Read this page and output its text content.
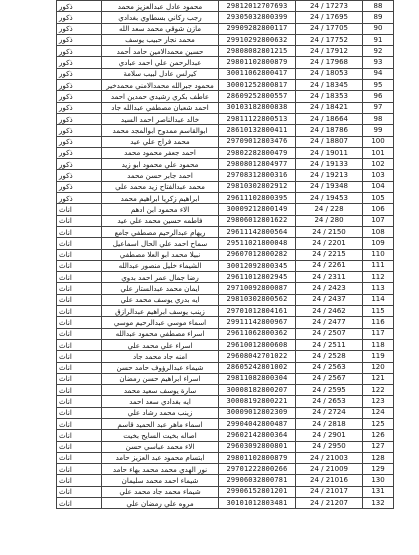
ذكور	محمود عادل عبدالعزيز محمد	29812012707693	24 / 17273	88
ذكور	رجب ركاني بسطاوي بغدادي	29305032800399	24 / 17695	89
ذكور	مازن شوقي محمد سعد الله	29909282800117	24 / 17705	90
ذكور	محمد نجار حبيب يوسف	29910292800632	24 / 17752	91
ذكور	حسين محمدالامين حامد أحمد	29808082801215	24 / 17912	92
ذكور	عبدالرحمن علي احمد عبادي	29801102800879	24 / 17968	93
ذكور	كيرلس عادل لبيب سلامة	30011062800417	24 / 18053	94
ذكور	محمود جبرالله محمدالامني محمدخير	30001252800817	24 / 18345	95
ذكور	عاطف بكري رشيدي حمدين احمد	28609252800557	24 / 18353	96
ذكور	احمد شعبان مصطفي عبدالله جاد	30103182800838	24 / 18421	97
ذكور	خالد عبدالناصر احمد السيد	29811122800513	24 / 18664	98
ذكور	ابوالقاسم ممدوح ابوالمجد محمد	28610132800411	24 / 18786	99
ذكور	محمد فراج علي عيد	29709012803476	24 / 18807	100
ذكور	احمد جعفر محمود محمد	29802282800479	24 / 19011	101
ذكور	محمود علي محمود ابو زيد	29808012804977	24 / 19133	102
ذكور	احمد جابر حسن محمد	29708312800316	24 / 19213	103
ذكور	محمد عبدالفتاح زيد محمد علي	29810302802912	24 / 19348	104
ذكور	ابراهيم زكريا ابراهيم محمد	29611102800395	24 / 19453	105
اناث	الاء محمود ابن ادهم	30009212800149	24 / 228	106
اناث	فاطمه حسين محمد علي عيد	29806012801622	24 / 280	107
اناث	ريهام عبدالرحيم مصطفي جامع	29611142800564	24 / 2150	108
اناث	سماح احمد علي الحال اسماعيل	29511021800048	24 / 2201	109
اناث	نبيلا محمد ابو العلا مصطفي	29607012800282	24 / 2215	110
اناث	الشيماء خليل منصور عبدالله	30012092800345	24 / 2261	111
اناث	رضا جمال عمر احمد بدوي	29611012802945	24 / 2311	112
اناث	ايمان محمد عبدالستار علي	29710092800087	24 / 2423	113
اناث	ايه بدري يوسف محمد علي	29810302800562	24 / 2437	114
اناث	زينب يوسف ابراهيم عبدالرازق	29701012804161	24 / 2462	115
اناث	اسماء موسي عبدالرحيم موسي	29911142800967	24 / 2477	116
اناث	اسراء مصطفي محمود عبدالله	29611062800362	24 / 2507	117
اناث	اسراء علي محمد علي	29610012800608	24 / 2511	118
اناث	امنه جاد محمد جاد	29608042701022	24 / 2528	119
اناث	شيماء عبدالرؤوف حامد حسن	28605242801002	24 / 2563	120
اناث	اسراء ابراهيم حسن رمضان	29811082800304	24 / 2567	121
اناث	سارة يوسف سعيد محمد	30008182800207	24 / 2595	122
اناث	ايه بغدادي سعد احمد	30008192800221	24 / 2653	123
اناث	زينب محمد رشاد علي	30009012802309	24 / 2724	124
اناث	اسماء ماهر عبد الحميد قاسم	29904042800487	24 / 2818	125
اناث	اصاله بخيت السايح بخيت	29602142800364	24 / 2901	126
اناث	الاء محمد عباسي حسن	29603092800801	24 / 2950	127
اناث	ابتسام محمود عبد العزيز حامد	29801102800879	24 / 21003	128
اناث	نور الهدي محمد محمد بهاء حامد	29701222800266	24 / 21009	129
اناث	شيماء احمد محمد سليمان	29906032800781	24 / 21016	130
اناث	شيماء محمد جاد محمد علي	29906152801201	24 / 21017	131
اناث	مروه علي رمضان علي	30101012803481	24 / 21207	132
